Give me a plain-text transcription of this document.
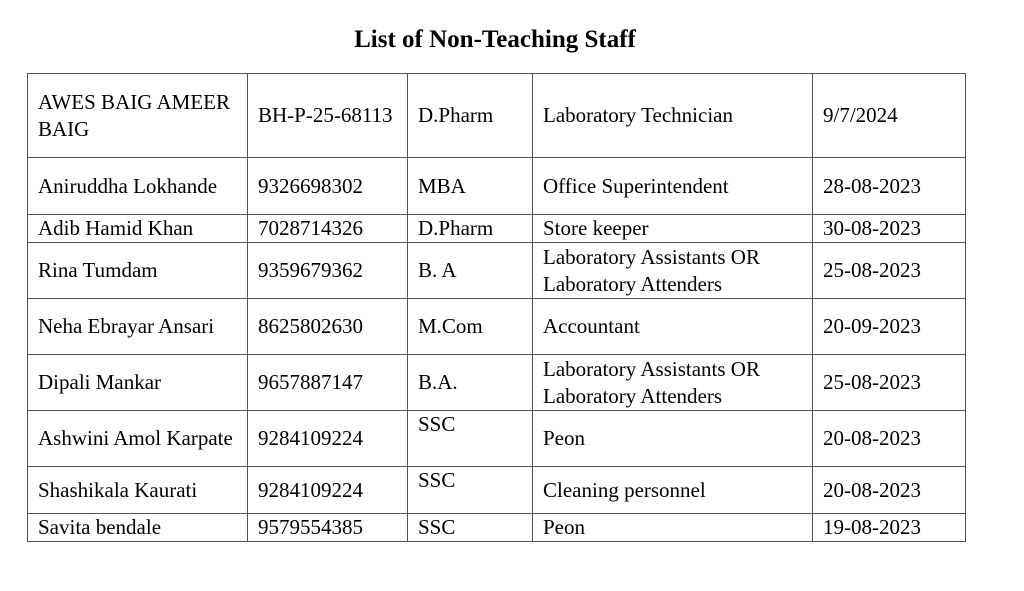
List of Non-Teaching Staff
AWES BAIG AMEER BAIG	BH-P-25-68113	D.Pharm	Laboratory Technician	9/7/2024
Aniruddha Lokhande	9326698302	MBA	Office Superintendent	28-08-2023
Adib Hamid Khan	7028714326	D.Pharm	Store keeper	30-08-2023
Rina Tumdam	9359679362	B. A	Laboratory Assistants OR Laboratory Attenders	25-08-2023
Neha Ebrayar Ansari	8625802630	M.Com	Accountant	20-09-2023
Dipali Mankar	9657887147	B.A.	Laboratory Assistants OR Laboratory Attenders	25-08-2023
Ashwini Amol Karpate	9284109224	SSC	Peon	20-08-2023
Shashikala Kaurati	9284109224	SSC	Cleaning personnel	20-08-2023
Savita bendale	9579554385	SSC	Peon	19-08-2023
